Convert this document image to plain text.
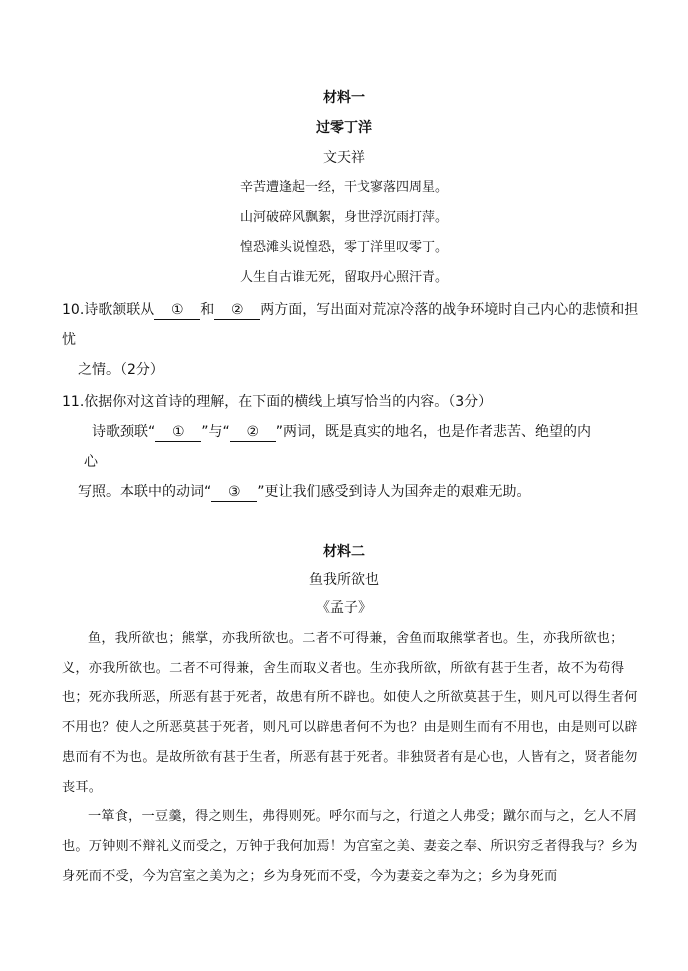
材料一
过零丁洋
文天祥
辛苦遭逢起一经，干戈寥落四周星。
山河破碎风飘絮，身世浮沉雨打萍。
惶恐滩头说惶恐，零丁洋里叹零丁。
人生自古谁无死，留取丹心照汗青。
10.诗歌颔联从 ① 和 ② 两方面，写出面对荒凉冷落的战争环境时自己内心的悲愤和担
忧
之情。（2分）
11.依据你对这首诗的理解，在下面的横线上填写恰当的内容。（3分）
诗歌颈联“ ① ”与“ ② ”两词，既是真实的地名，也是作者悲苦、绝望的内
心
写照。本联中的动词“ ③ ”更让我们感受到诗人为国奔走的艰难无助。
材料二
鱼我所欲也
《孟子》

鱼，我所欲也；熊掌，亦我所欲也。二者不可得兼，舍鱼而取熊掌者也。生，亦我所欲也；义，亦我所欲也。二者不可得兼，舍生而取义者也。生亦我所欲，所欲有甚于生者，故不为苟得也；死亦我所恶，所恶有甚于死者，故患有所不辟也。如使人之所欲莫甚于生，则凡可以得生者何不用也？使人之所恶莫甚于死者，则凡可以辟患者何不为也？由是则生而有不用也，由是则可以辟患而有不为也。是故所欲有甚于生者，所恶有甚于死者。非独贤者有是心也，人皆有之，贤者能勿丧耳。

一箪食，一豆羹，得之则生，弗得则死。呼尔而与之，行道之人弗受；蹴尔而与之，乞人不屑也。万钟则不辩礼义而受之，万钟于我何加焉！为宫室之美、妻妾之奉、所识穷乏者得我与？乡为身死而不受，今为宫室之美为之；乡为身死而不受，今为妻妾之奉为之；乡为身死而
